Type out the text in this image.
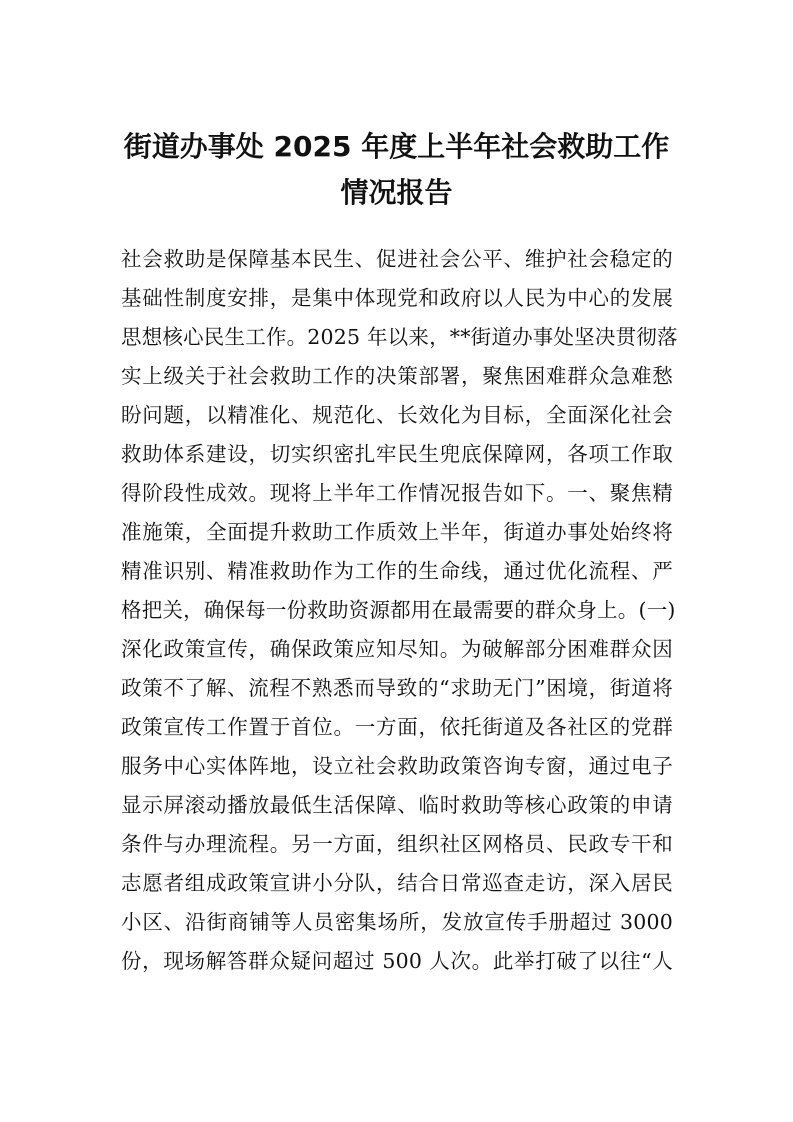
街道办事处 2025 年度上半年社会救助工作
情况报告
社会救助是保障基本民生、促进社会公平、维护社会稳定的
基础性制度安排，是集中体现党和政府以人民为中心的发展
思想核心民生工作。2025 年以来，**街道办事处坚决贯彻落
实上级关于社会救助工作的决策部署，聚焦困难群众急难愁
盼问题，以精准化、规范化、长效化为目标，全面深化社会
救助体系建设，切实织密扎牢民生兜底保障网，各项工作取
得阶段性成效。现将上半年工作情况报告如下。一、聚焦精
准施策，全面提升救助工作质效上半年，街道办事处始终将
精准识别、精准救助作为工作的生命线，通过优化流程、严
格把关，确保每一份救助资源都用在最需要的群众身上。(一)
深化政策宣传，确保政策应知尽知。为破解部分困难群众因
政策不了解、流程不熟悉而导致的“求助无门”困境，街道将
政策宣传工作置于首位。一方面，依托街道及各社区的党群
服务中心实体阵地，设立社会救助政策咨询专窗，通过电子
显示屏滚动播放最低生活保障、临时救助等核心政策的申请
条件与办理流程。另一方面，组织社区网格员、民政专干和
志愿者组成政策宣讲小分队，结合日常巡查走访，深入居民
小区、沿街商铺等人员密集场所，发放宣传手册超过 3000
份，现场解答群众疑问超过 500 人次。此举打破了以往“人
